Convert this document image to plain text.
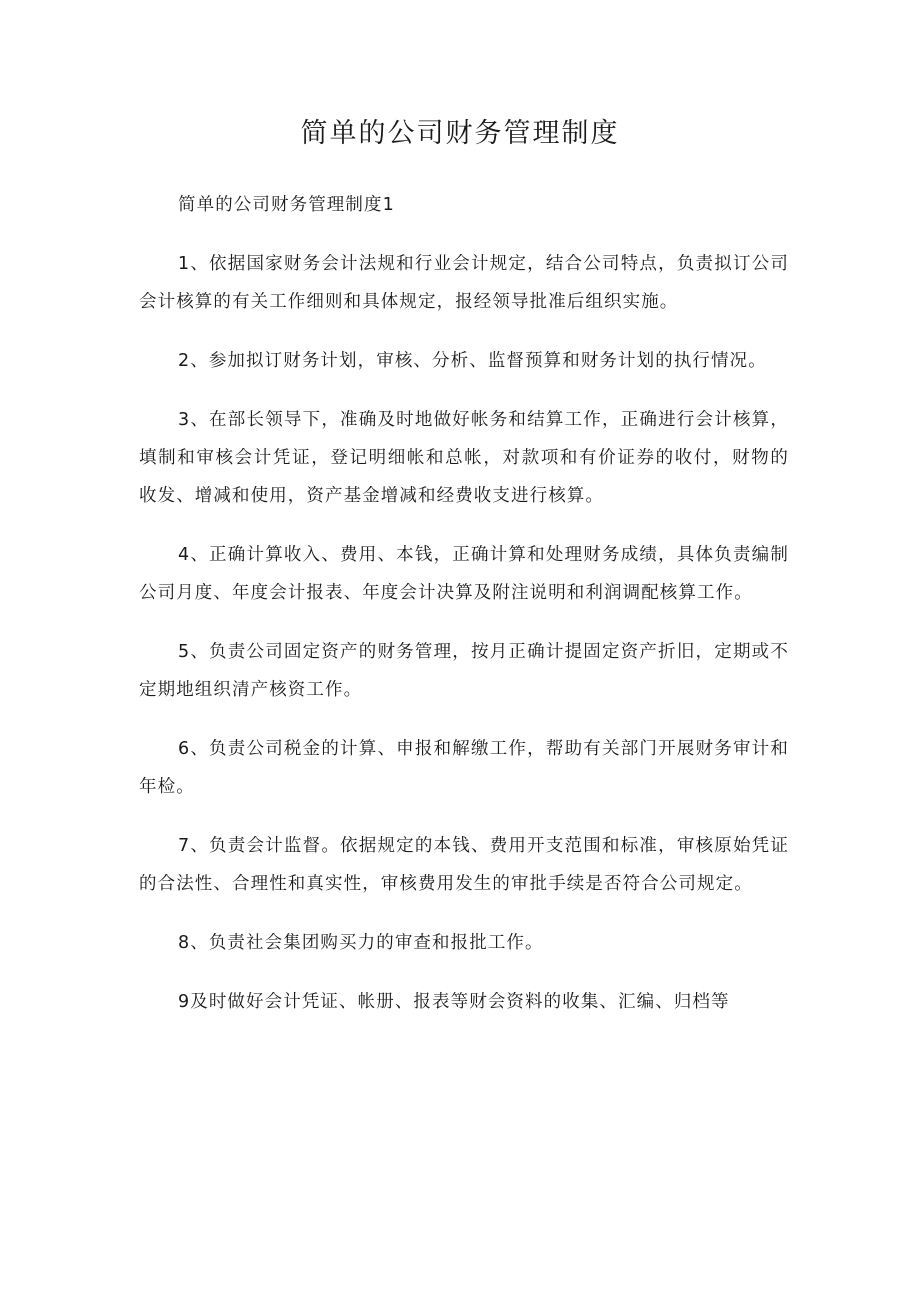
简单的公司财务管理制度

简单的公司财务管理制度1

1、依据国家财务会计法规和行业会计规定，结合公司特点，负责拟订公司会计核算的有关工作细则和具体规定，报经领导批准后组织实施。

2、参加拟订财务计划，审核、分析、监督预算和财务计划的执行情况。

3、在部长领导下，准确及时地做好帐务和结算工作，正确进行会计核算，填制和审核会计凭证，登记明细帐和总帐，对款项和有价证券的收付，财物的收发、增减和使用，资产基金增减和经费收支进行核算。

4、正确计算收入、费用、本钱，正确计算和处理财务成绩，具体负责编制公司月度、年度会计报表、年度会计决算及附注说明和利润调配核算工作。

5、负责公司固定资产的财务管理，按月正确计提固定资产折旧，定期或不定期地组织清产核资工作。

6、负责公司税金的计算、申报和解缴工作，帮助有关部门开展财务审计和年检。

7、负责会计监督。依据规定的本钱、费用开支范围和标准，审核原始凭证的合法性、合理性和真实性，审核费用发生的审批手续是否符合公司规定。

8、负责社会集团购买力的审查和报批工作。

9及时做好会计凭证、帐册、报表等财会资料的收集、汇编、归档等
